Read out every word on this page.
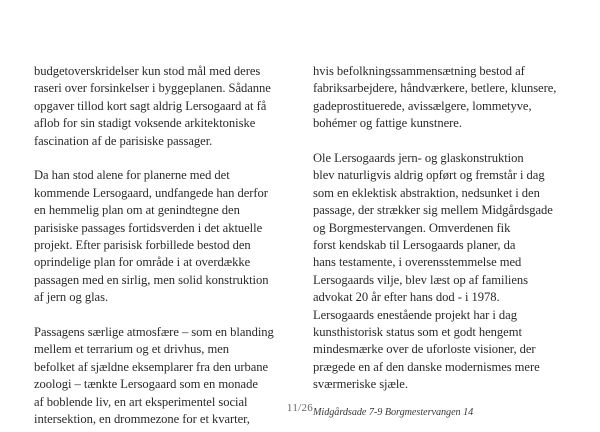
budgetoverskridelser kun stod mål med deres
raseri over forsinkelser i byggeplanen. Sådanne
opgaver tillod kort sagt aldrig Lersogaard at få
aflob for sin stadigt voksende arkitektoniske
fascination af de parisiske passager.

Da han stod alene for planerne med det
kommende Lersogaard, undfangede han derfor
en hemmelig plan om at genindtegne den
parisiske passages fortidsverden i det aktuelle
projekt. Efter parisisk forbillede bestod den
oprindelige plan for område i at overdække
passagen med en sirlig, men solid konstruktion
af jern og glas.

Passagens særlige atmosfære – som en blanding
mellem et terrarium og et drivhus, men
befolket af sjældne eksemplarer fra den urbane
zoologi – tænkte Lersogaard som en monade
af boblende liv, en art eksperimentel social
intersektion, en drommezone for et kvarter,

hvis befolkningssammensætning bestod af
fabriksarbejdere, håndværkere, betlere, klunsere,
gadeprostituerede, avissælgere, lommetyve,
bohémer og fattige kunstnere.

Ole Lersogaards jern- og glaskonstruktion
blev naturligvis aldrig opført og fremstår i dag
som en eklektisk abstraktion, nedsunket i den
passage, der strækker sig mellem Midgårdsgade
og Borgmestervangen. Omverdenen fik
forst kendskab til Lersogaards planer, da
hans testamente, i overensstemmelse med
Lersogaards vilje, blev læst op af familiens
advokat 20 år efter hans dod - i 1978.
Lersogaards enestående projekt har i dag
kunsthistorisk status som et godt hengemt
mindesmærke over de uforloste visioner, der
prægede en af den danske modernismes mere
sværmeriske sjæle.

Midgårdsade 7-9 Borgmestervangen 14
11/26
